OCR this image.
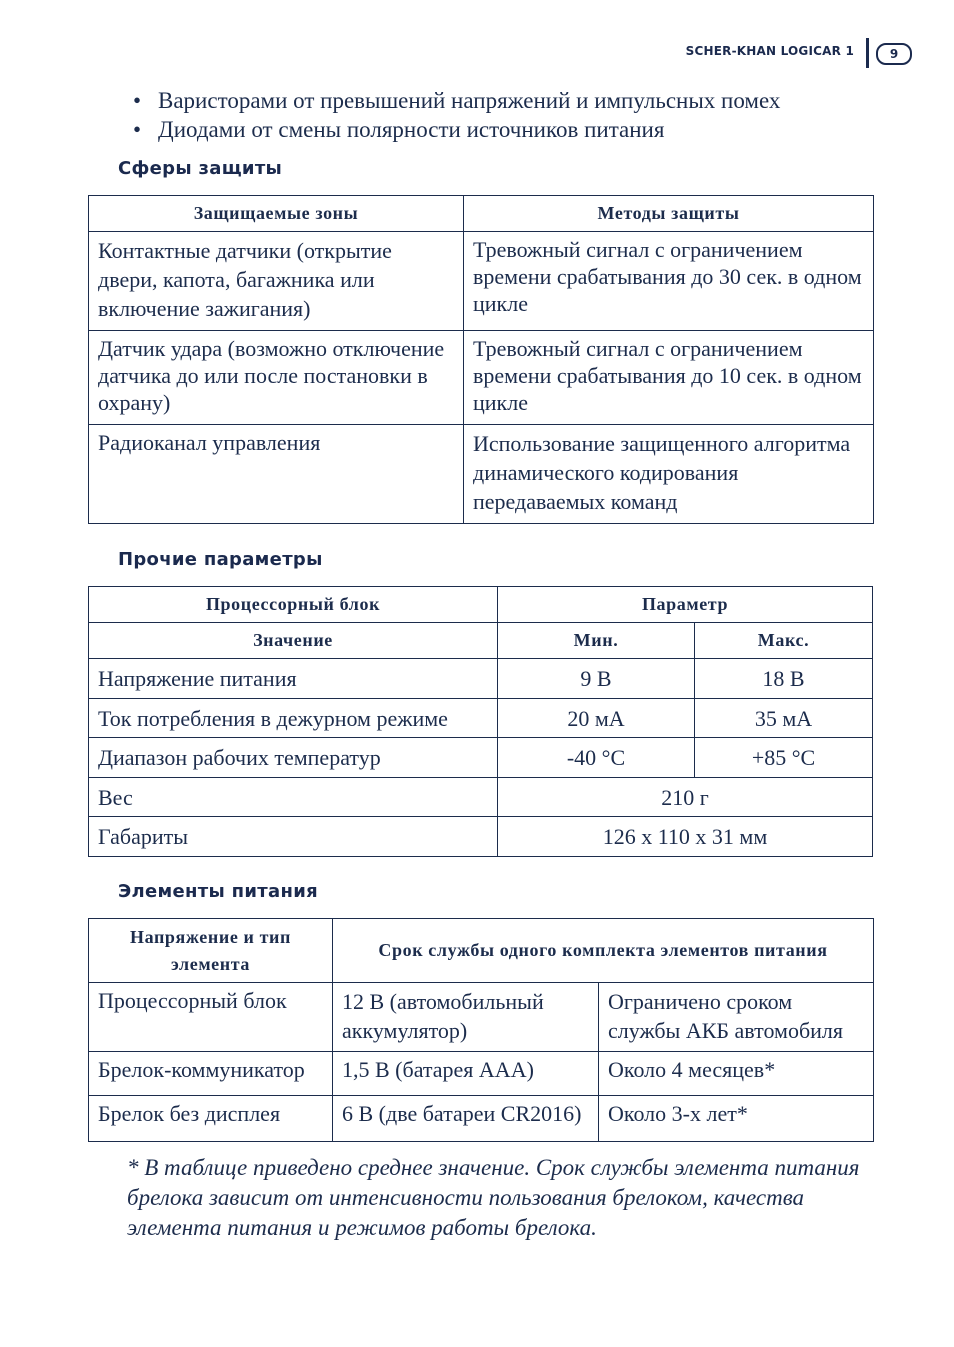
SCHER-KHAN LOGICAR 1	9
• Варисторами от превышений напряжений и импульсных помех
• Диодами от смены полярности источников питания
Сферы защиты
Защищаемые зоны	Методы защиты

Контактные датчики (открытие двери, капота, багажника или включение зажигания)	Тревожный сигнал с ограничением времени срабатывания до 30 сек. в одном цикле

Датчик удара (возможно отключение датчика до или после постановки в охрану)	Тревожный сигнал с ограничением времени срабатывания до 10 сек. в одном цикле

Радиоканал управления	Использование защищенного алгоритма динамического кодирования передаваемых команд
Прочие параметры
Процессорный блок	Параметр	
Значение	Мин.	Макс.
Напряжение питания	9 В	18 В
Ток потребления в дежурном режиме	20 мА	35 мА
Диапазон рабочих температур	-40 °С	+85 °С
Вес	210 г	
Габариты	126 x 110 x 31 мм	
Элементы питания
Напряжение и тип элемента	Срок службы одного комплекта элементов питания	
Процессорный блок	12 В (автомобильный аккумулятор)	Ограничено сроком службы АКБ автомобиля
Брелок-коммуникатор	1,5 В (батарея ААА)	Около 4 месяцев*
Брелок без дисплея	6 В (две батареи CR2016)	Около 3-х лет*
* В таблице приведено среднее значение. Срок службы элемента питания брелока зависит от интенсивности пользования брелоком, качества элемента питания и режимов работы брелока.
